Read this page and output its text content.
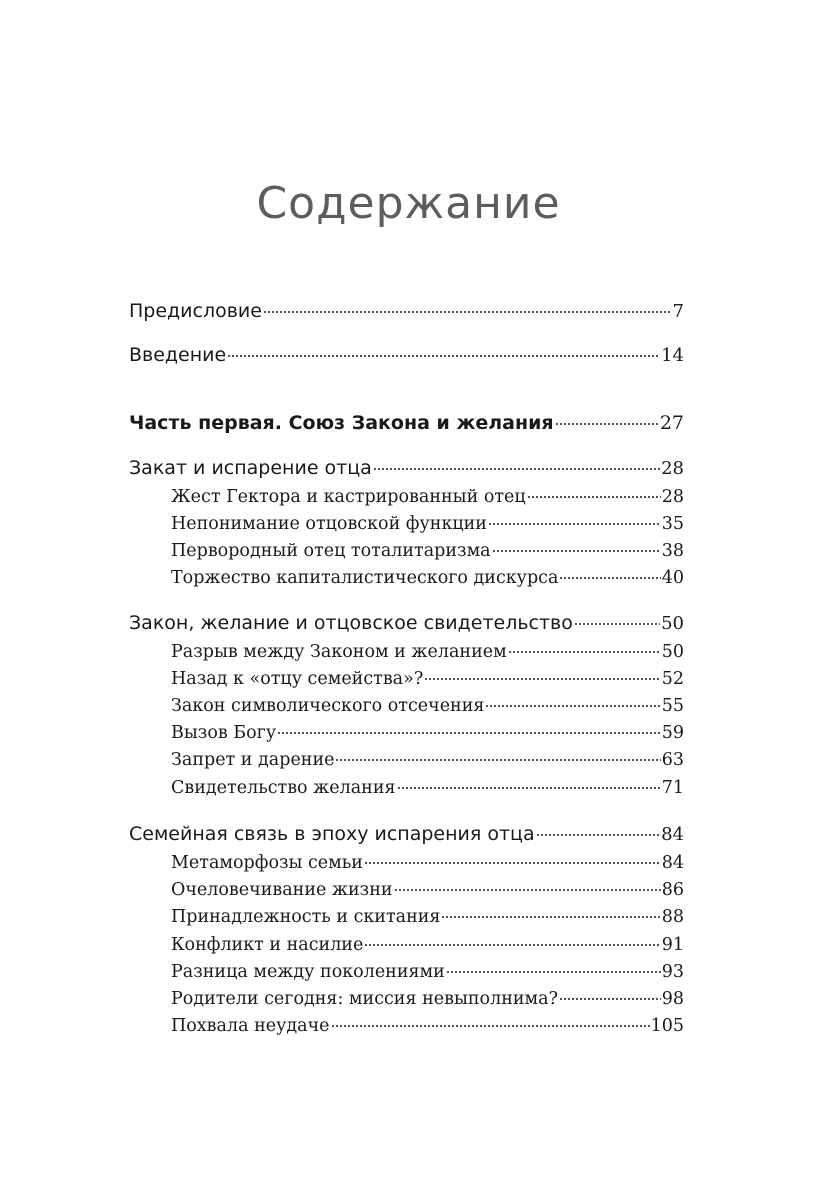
Содержание
Предисловие	7
Введение	14
Часть первая. Союз Закона и желания	27
Закат и испарение отца	28
Жест Гектора и кастрированный отец	28
Непонимание отцовской функции	35
Первородный отец тоталитаризма	38
Торжество капиталистического дискурса	40
Закон, желание и отцовское свидетельство	50
Разрыв между Законом и желанием	50
Назад к «отцу семейства»?	52
Закон символического отсечения	55
Вызов Богу	59
Запрет и дарение	63
Свидетельство желания	71
Семейная связь в эпоху испарения отца	84
Метаморфозы семьи	84
Очеловечивание жизни	86
Принадлежность и скитания	88
Конфликт и насилие	91
Разница между поколениями	93
Родители сегодня: миссия невыполнима?	98
Похвала неудаче	105
